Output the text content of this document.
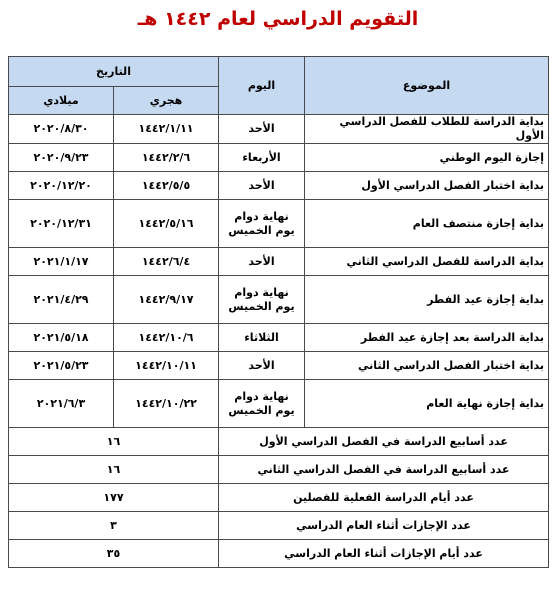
التقويم الدراسي لعام ١٤٤٢ هـ
الموضوع	اليوم	التاريخ	
		هجري	ميلادي
بداية الدراسة للطلاب للفصل الدراسي الأول	الأحد	١٤٤٢/١/١١	٢٠٢٠/٨/٣٠
إجازة اليوم الوطني	الأربعاء	١٤٤٢/٢/٦	٢٠٢٠/٩/٢٣
بداية اختبار الفصل الدراسي الأول	الأحد	١٤٤٢/٥/٥	٢٠٢٠/١٢/٢٠
بداية إجازة منتصف العام	نهاية دوام يوم الخميس	١٤٤٢/٥/١٦	٢٠٢٠/١٢/٣١
بداية الدراسة للفصل الدراسي الثاني	الأحد	١٤٤٢/٦/٤	٢٠٢١/١/١٧
بداية إجازة عيد الفطر	نهاية دوام يوم الخميس	١٤٤٢/٩/١٧	٢٠٢١/٤/٢٩
بداية الدراسة بعد إجازة عيد الفطر	الثلاثاء	١٤٤٢/١٠/٦	٢٠٢١/٥/١٨
بداية اختبار الفصل الدراسي الثاني	الأحد	١٤٤٢/١٠/١١	٢٠٢١/٥/٢٣
بداية إجازة نهاية العام	نهاية دوام يوم الخميس	١٤٤٢/١٠/٢٢	٢٠٢١/٦/٣
عدد أسابيع الدراسة في الفصل الدراسي الأول		١٦	
عدد أسابيع الدراسة في الفصل الدراسي الثاني		١٦	
عدد أيام الدراسة الفعلية للفصلين		١٧٧	
عدد الإجازات أثناء العام الدراسي		٣	
عدد أيام الإجازات أثناء العام الدراسي		٣٥	
